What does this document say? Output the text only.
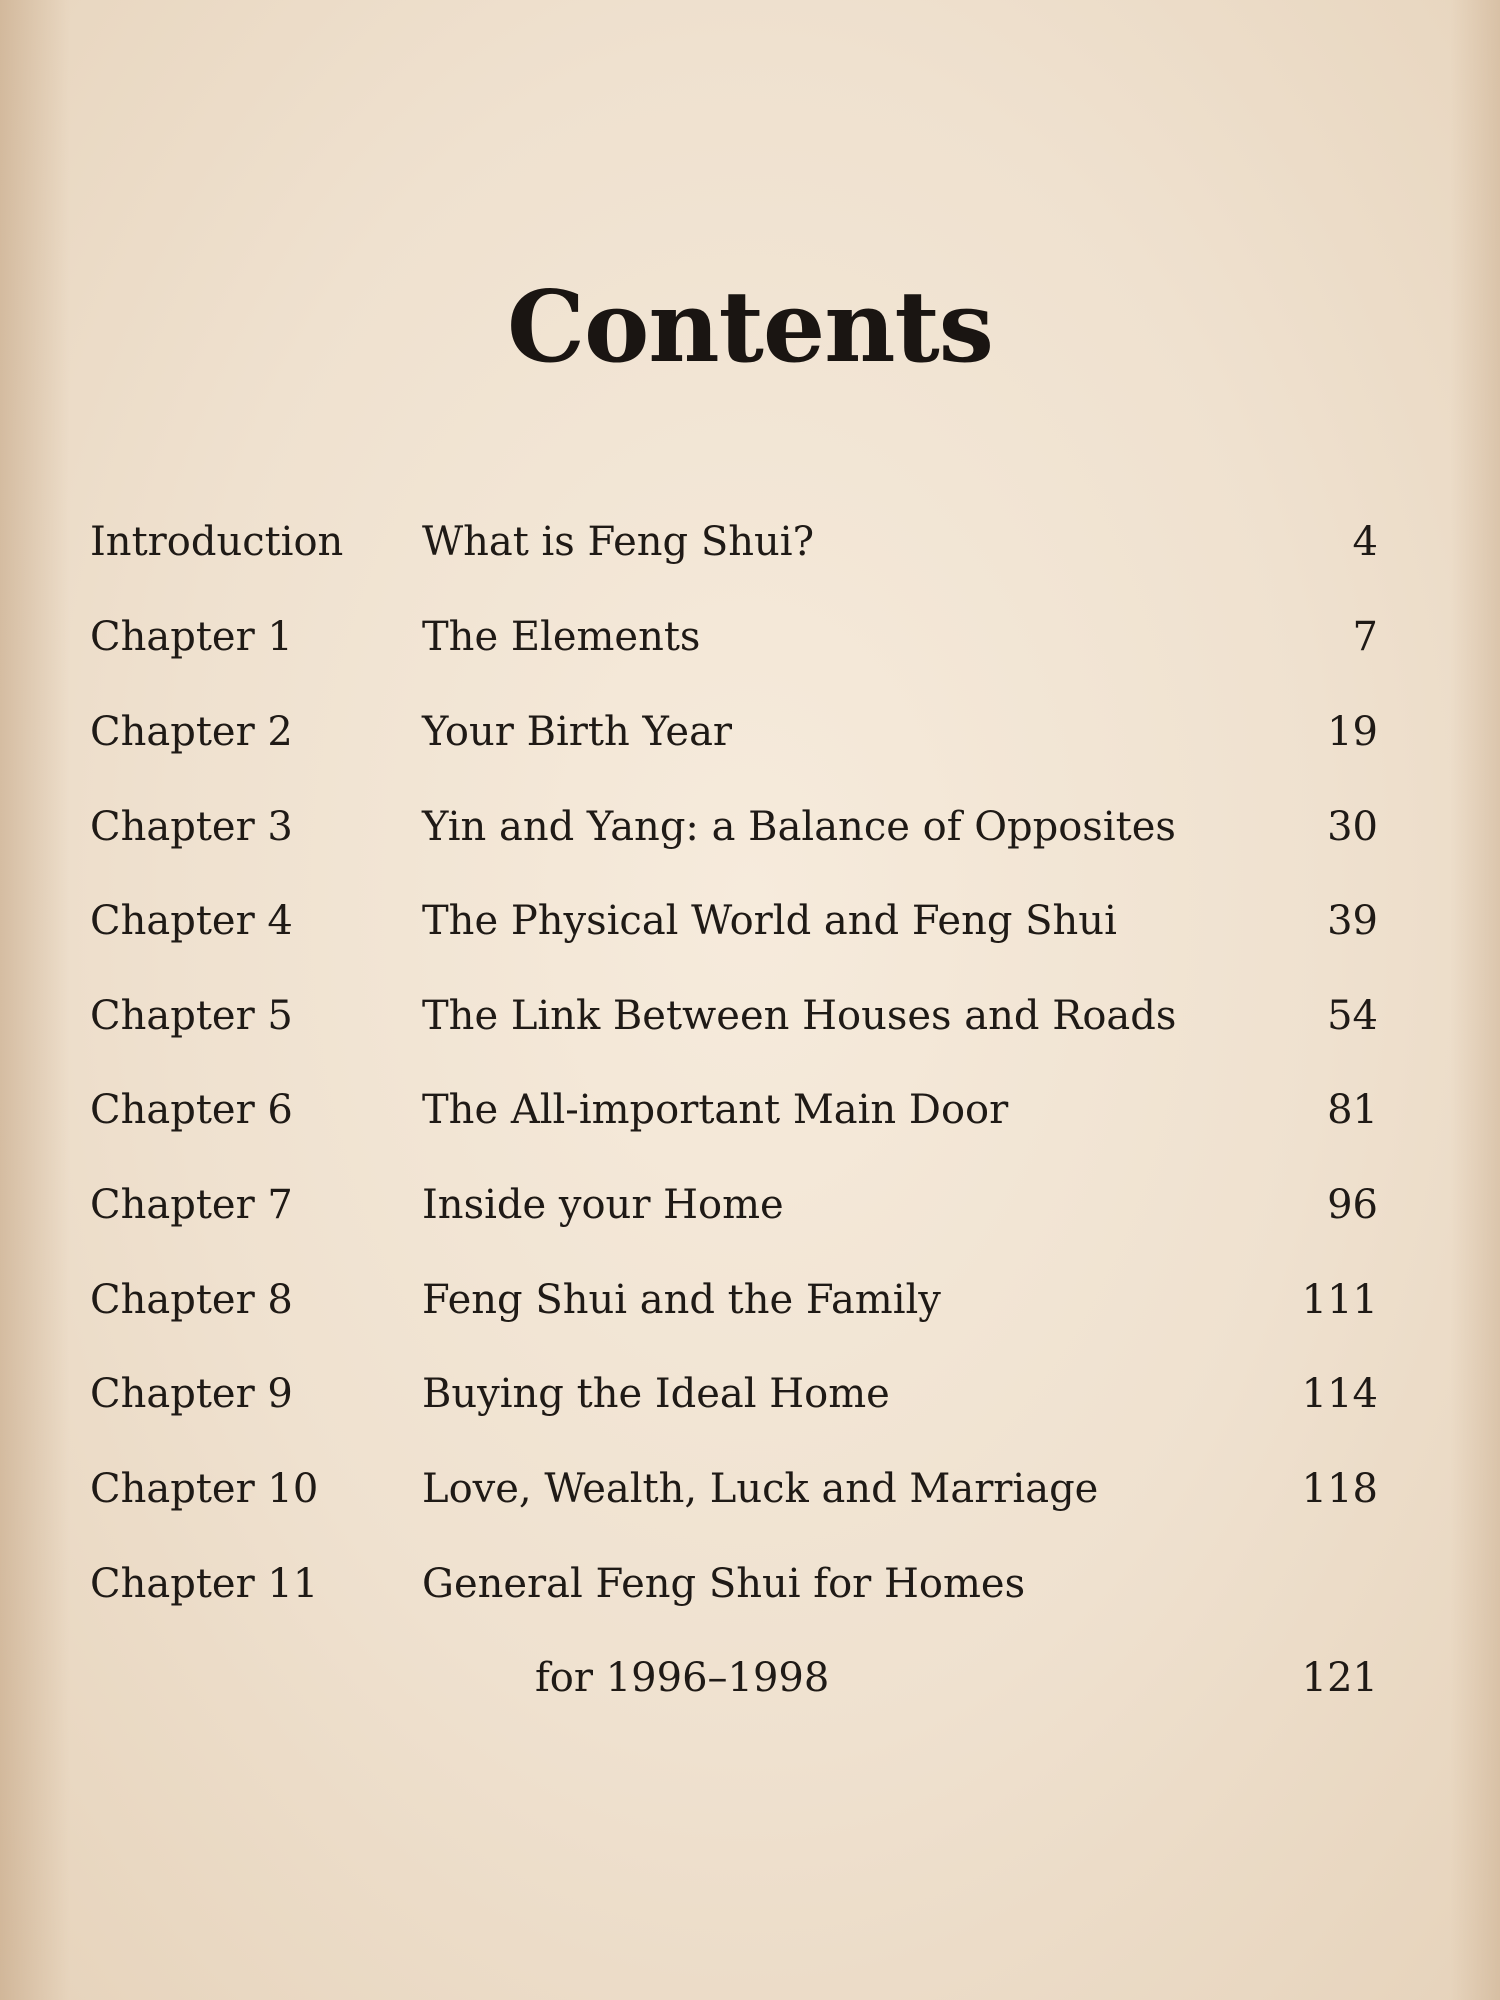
Contents
Introduction What is Feng Shui?	4
Chapter 1	The Elements	7
Chapter 2	Your Birth Year	19
Chapter 3	Yin and Yang: a Balance of Opposites	30
Chapter 4	The Physical World and Feng Shui	39
Chapter 5	The Link Between Houses and Roads	54
Chapter 6	The All-important Main Door	81
Chapter 7	Inside your Home	96
Chapter 8	Feng Shui and the Family	111
Chapter 9	Buying the Ideal Home	114
Chapter 10	Love, Wealth, Luck and Marriage	118
Chapter 11	General Feng Shui for Homes
for 1996–1998	121
